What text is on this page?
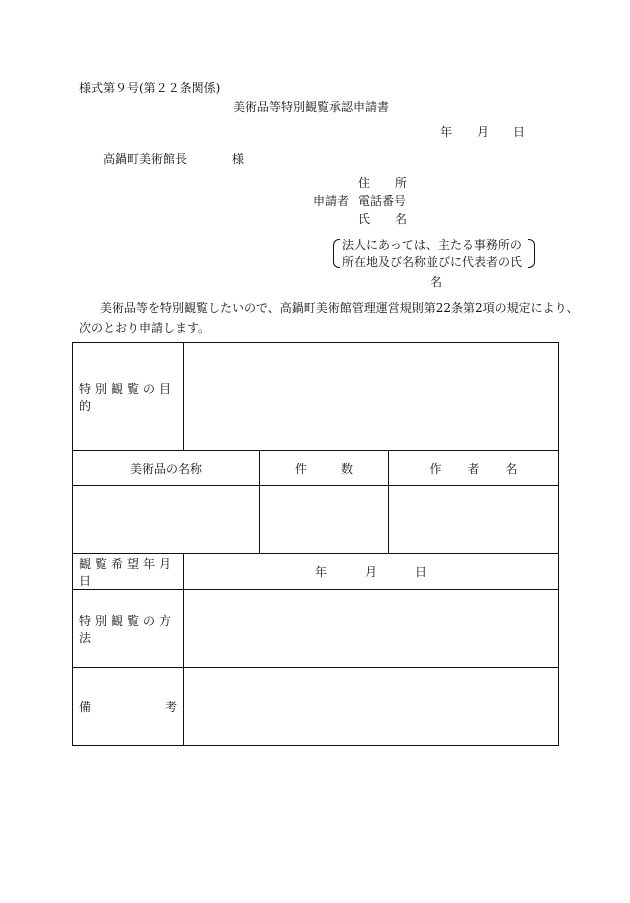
様式第９号(第２２条関係)
美術品等特別観覧承認申請書
年 月 日
高鍋町美術館長	様
住 所
申請者 電話番号
氏 名
法人にあっては、主たる事務所の
所在地及び名称並びに代表者の氏
名
美術品等を特別観覧したいので、高鍋町美術館管理運営規則第22条第2項の規定により、
次のとおり申請します。
特別観覧の目的			
美術品の名称		件 数	作 者 名

観覧希望年月日	年 月 日		
特別観覧の方法			

備 考			
